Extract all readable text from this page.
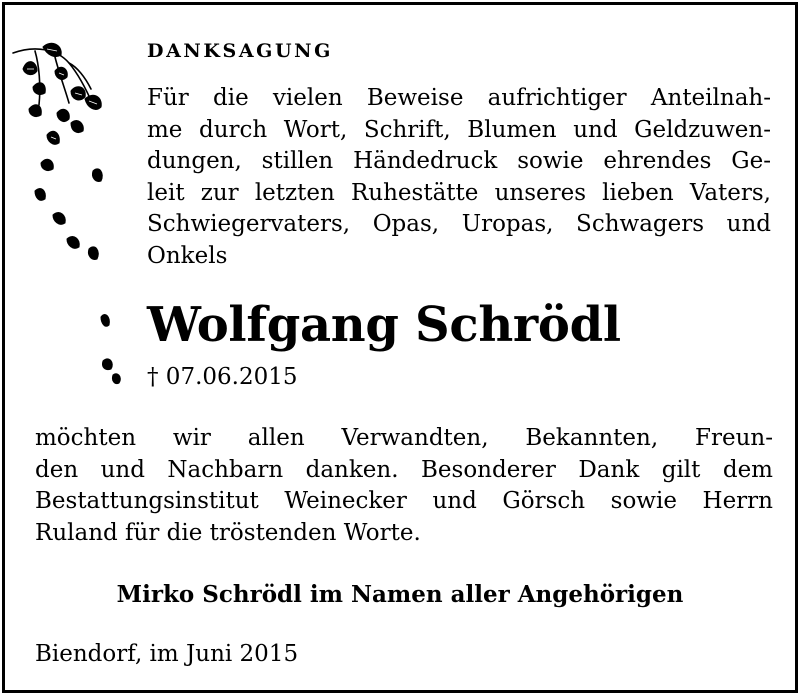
DANKSAGUNG
Für die vielen Beweise aufrichtiger Anteilnah-
me durch Wort, Schrift, Blumen und Geldzuwen-
dungen, stillen Händedruck sowie ehrendes Ge-
leit zur letzten Ruhestätte unseres lieben Vaters,
Schwiegervaters, Opas, Uropas, Schwagers und
Onkels
Wolfgang Schrödl
† 07.06.2015
möchten wir allen Verwandten, Bekannten, Freun-
den und Nachbarn danken. Besonderer Dank gilt dem
Bestattungsinstitut Weinecker und Görsch sowie Herrn
Ruland für die tröstenden Worte.
Mirko Schrödl im Namen aller Angehörigen
Biendorf, im Juni 2015
